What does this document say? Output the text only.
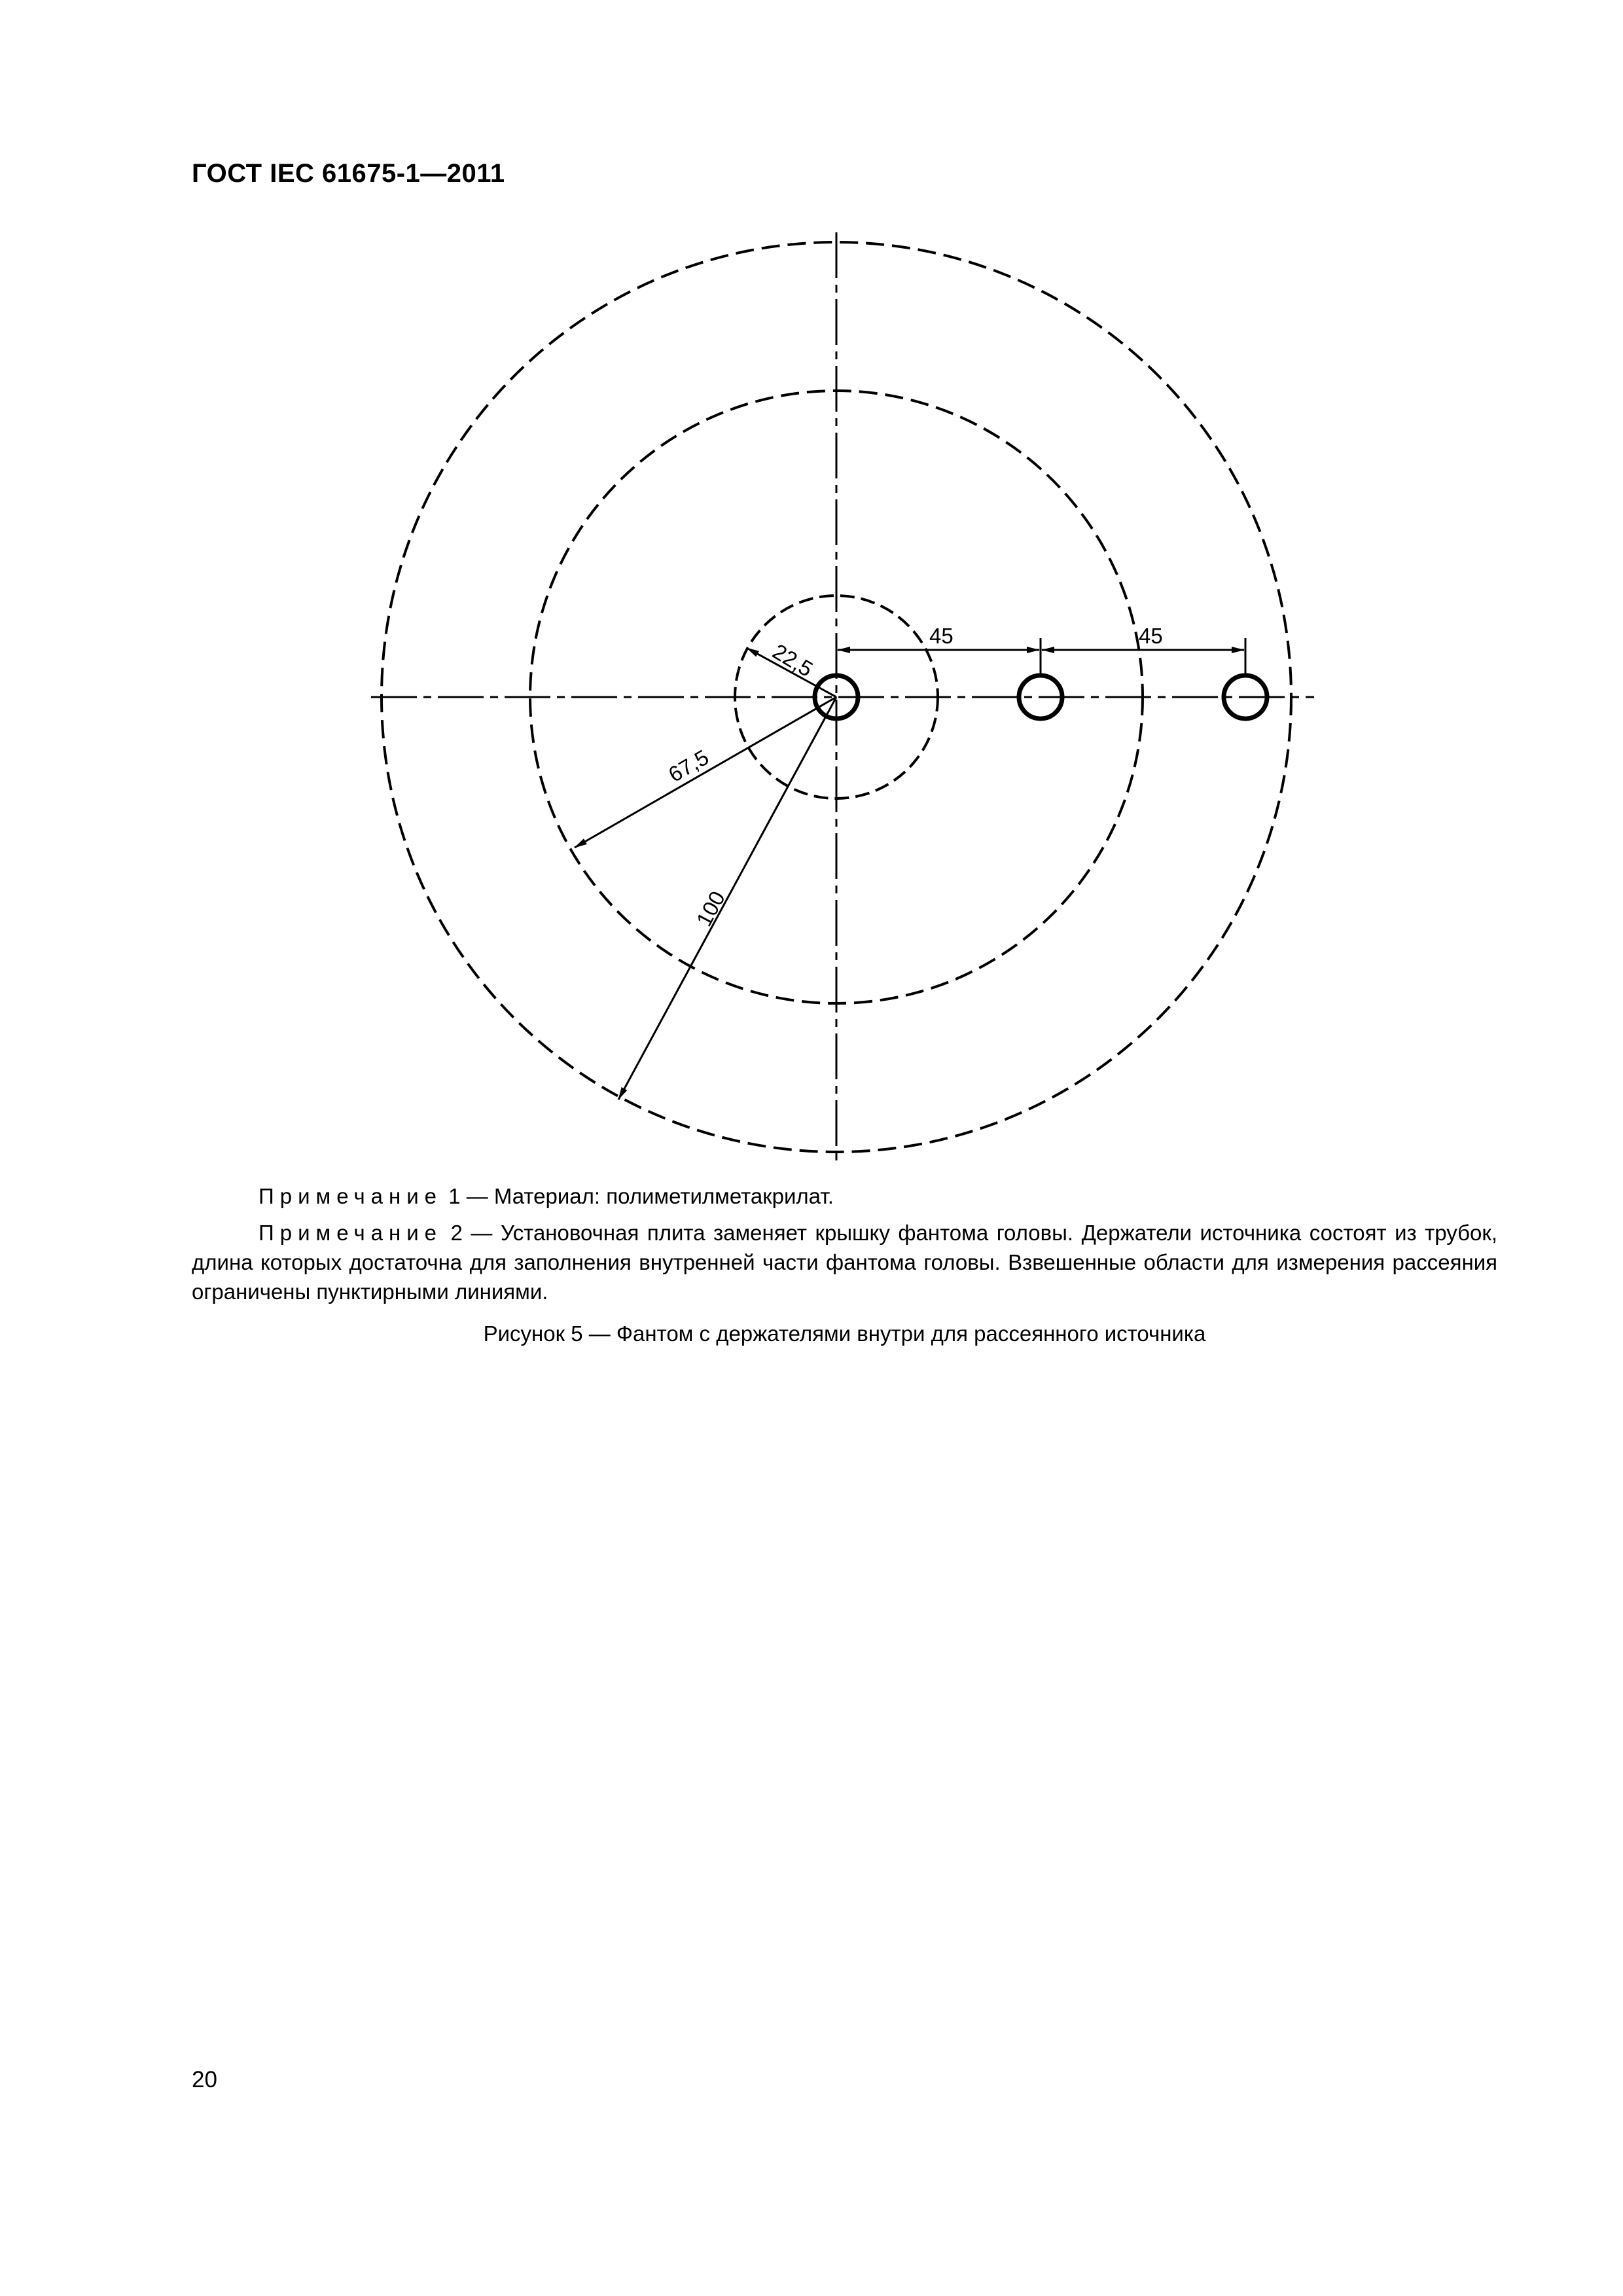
ГОСТ IEC 61675-1—2011
22,5
67,5
100
45	45

Примечание 1 — Материал: полиметилметакрилат.

Примечание 2 — Установочная плита заменяет крышку фантома головы. Держатели источника состоят из трубок, длина которых достаточна для заполнения внутренней части фантома головы. Взвешенные области для измерения рассеяния ограничены пунктирными линиями.

Рисунок 5 — Фантом с держателями внутри для рассеянного источника
20
